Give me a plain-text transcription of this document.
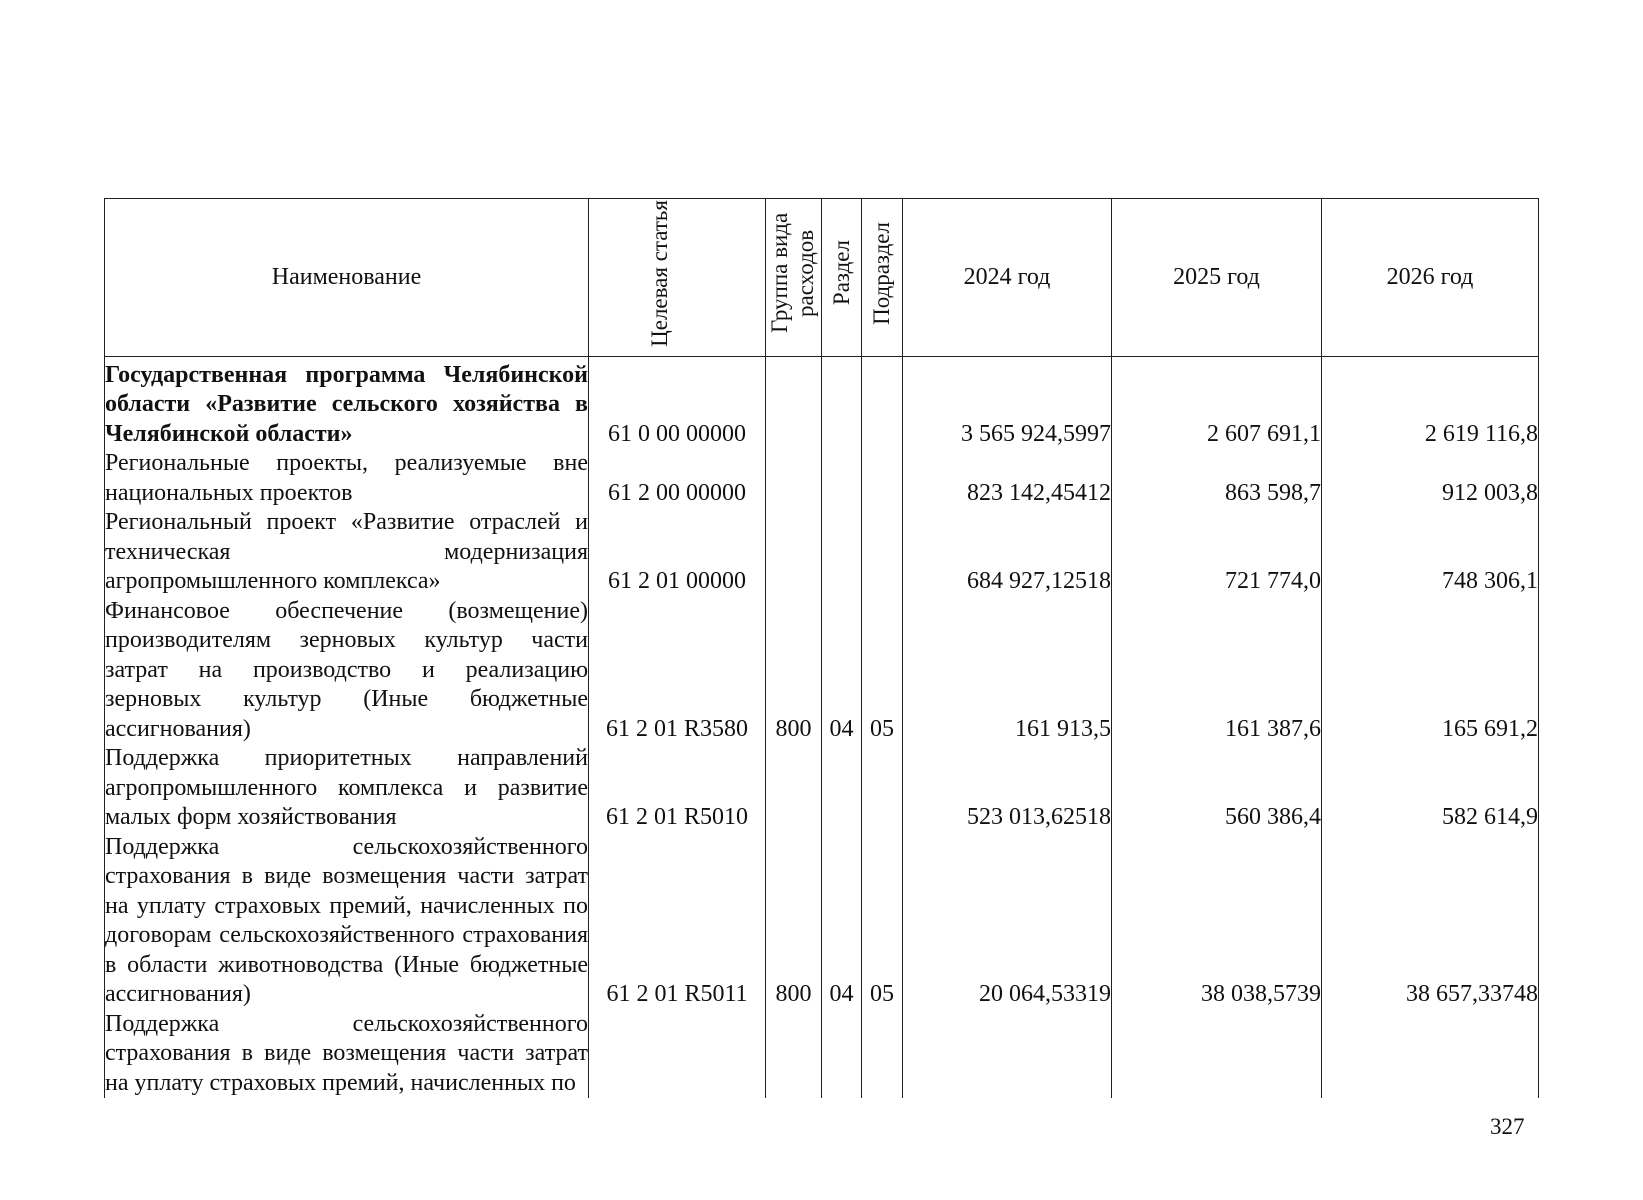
Наименование	Целевая статья	Группа вида расходов	Раздел	Подраздел	2024 год	2025 год	2026 год
Государственная программа Челябинской области «Развитие сельского хозяйства в Челябинской области»	61 0 00 00000				3 565 924,5997	2 607 691,1	2 619 116,8
Региональные проекты, реализуемые вне национальных проектов	61 2 00 00000				823 142,45412	863 598,7	912 003,8
Региональный проект «Развитие отраслей и техническая модернизация агропромышленного комплекса»	61 2 01 00000				684 927,12518	721 774,0	748 306,1
Финансовое обеспечение (возмещение) производителям зерновых культур части затрат на производство и реализацию зерновых культур (Иные бюджетные ассигнования)	61 2 01 R3580	800	04	05	161 913,5	161 387,6	165 691,2
Поддержка приоритетных направлений агропромышленного комплекса и развитие малых форм хозяйствования	61 2 01 R5010				523 013,62518	560 386,4	582 614,9
Поддержка сельскохозяйственного страхования в виде возмещения части затрат на уплату страховых премий, начисленных по договорам сельскохозяйственного страхования в области животноводства (Иные бюджетные ассигнования)	61 2 01 R5011	800	04	05	20 064,53319	38 038,5739	38 657,33748
Поддержка сельскохозяйственного страхования в виде возмещения части затрат на уплату страховых премий, начисленных по							
327
